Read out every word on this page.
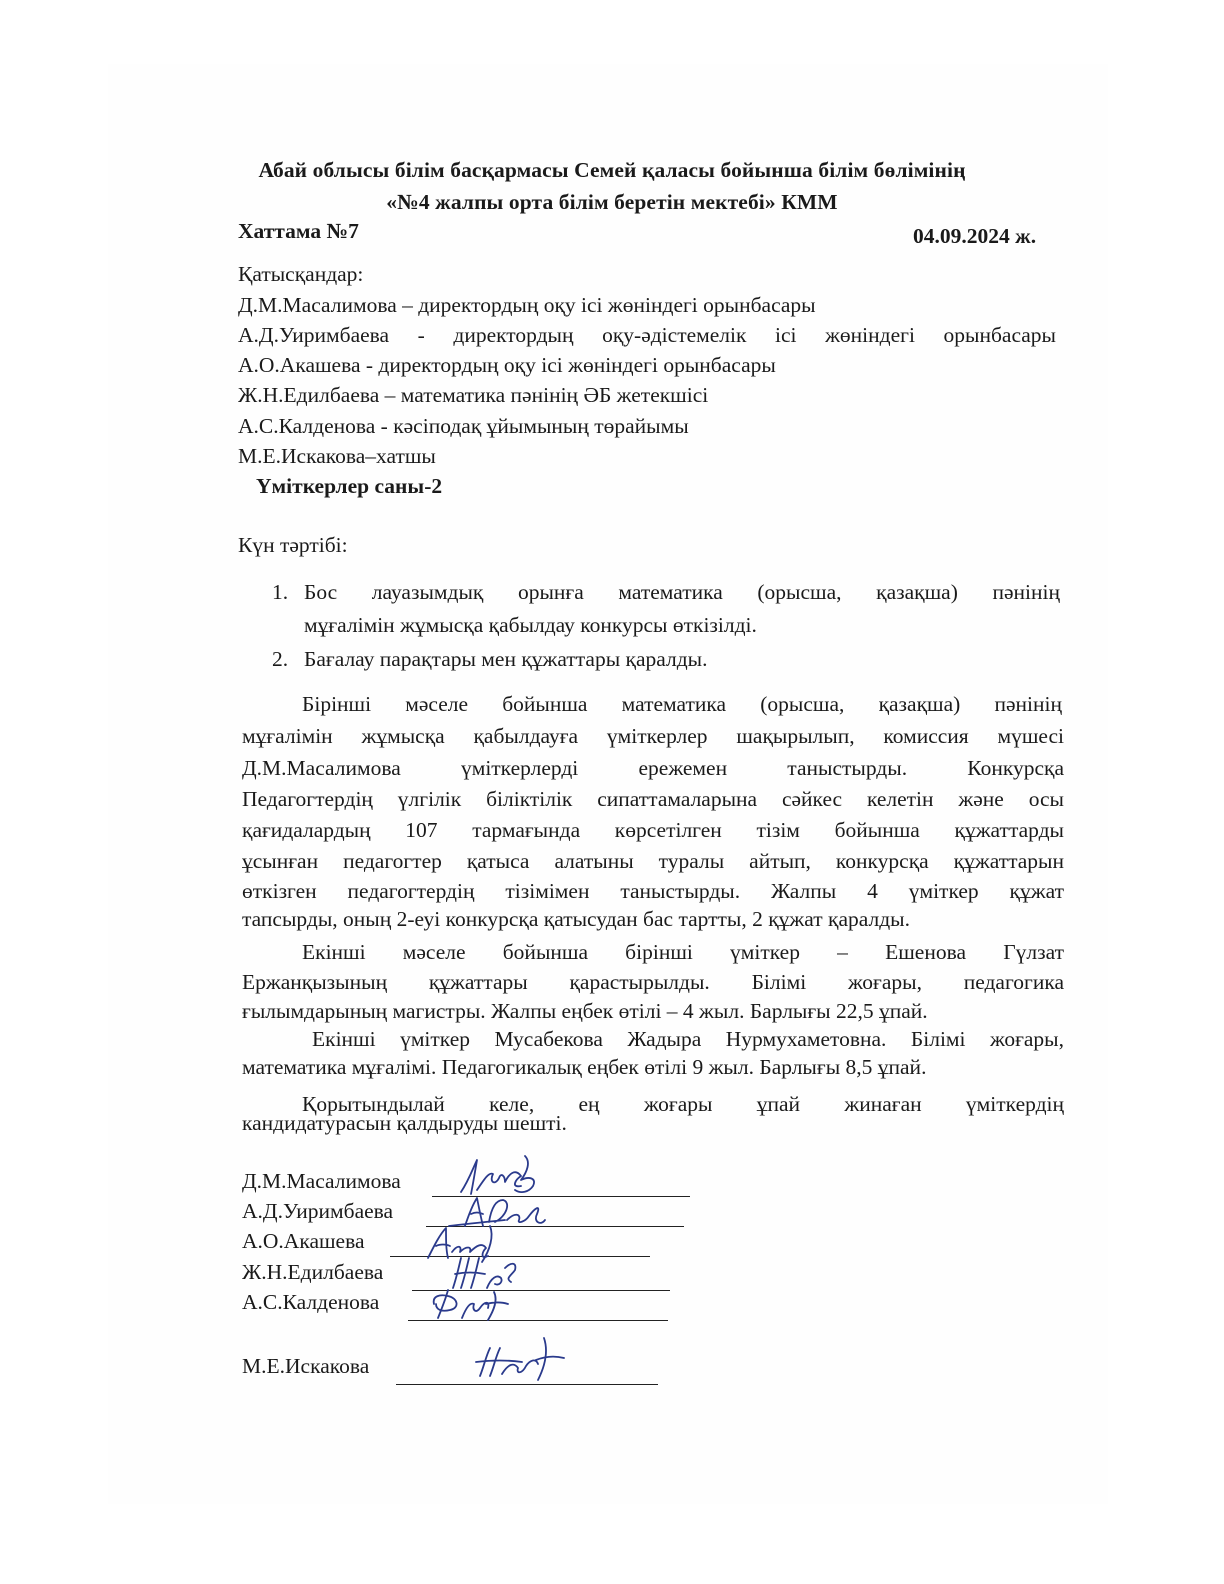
Абай облысы білім басқармасы Семей қаласы бойынша білім бөлімінің
«№4 жалпы орта білім беретін мектебі» КММ
Хаттама №7	04.09.2024 ж.
Қатысқандар:
Д.М.Масалимова – директордың оқу ісі жөніндегі орынбасары
А.Д.Уиримбаева - директордың оқу-әдістемелік ісі жөніндегі орынбасары
А.О.Акашева - директордың оқу ісі жөніндегі орынбасары
Ж.Н.Едилбаева – математика пәнінің ӘБ жетекшісі
А.С.Калденова - кәсіподақ ұйымының төрайымы
М.Е.Искакова–хатшы
Үміткерлер саны-2
Күн тәртібі:
1. Бос лауазымдық орынға математика (орысша, қазақша) пәнінің
мұғалімін жұмысқа қабылдау конкурсы өткізілді.
2. Бағалау парақтары мен құжаттары қаралды.
Бірінші мәселе бойынша математика (орысша, қазақша) пәнінің
мұғалімін жұмысқа қабылдауға үміткерлер шақырылып, комиссия мүшесі
Д.М.Масалимова үміткерлерді ережемен таныстырды. Конкурсқа
Педагогтердің үлгілік біліктілік сипаттамаларына сәйкес келетін және осы
қағидалардың 107 тармағында көрсетілген тізім бойынша құжаттарды
ұсынған педагогтер қатыса алатыны туралы айтып, конкурсқа құжаттарын
өткізген педагогтердің тізімімен таныстырды. Жалпы 4 үміткер құжат
тапсырды, оның 2-еуі конкурсқа қатысудан бас тартты, 2 құжат қаралды.
Екінші мәселе бойынша бірінші үміткер – Ешенова Гүлзат
Ержанқызының құжаттары қарастырылды. Білімі жоғары, педагогика
ғылымдарының магистры. Жалпы еңбек өтілі – 4 жыл. Барлығы 22,5 ұпай.
Екінші үміткер Мусабекова Жадыра Нурмухаметовна. Білімі жоғары,
математика мұғалімі. Педагогикалық еңбек өтілі 9 жыл. Барлығы 8,5 ұпай.
Қорытындылай келе, ең жоғары ұпай жинаған үміткердің
кандидатурасын қалдыруды шешті.
Д.М.Масалимова
А.Д.Уиримбаева
А.О.Акашева
Ж.Н.Едилбаева
А.С.Калденова
М.Е.Искакова
